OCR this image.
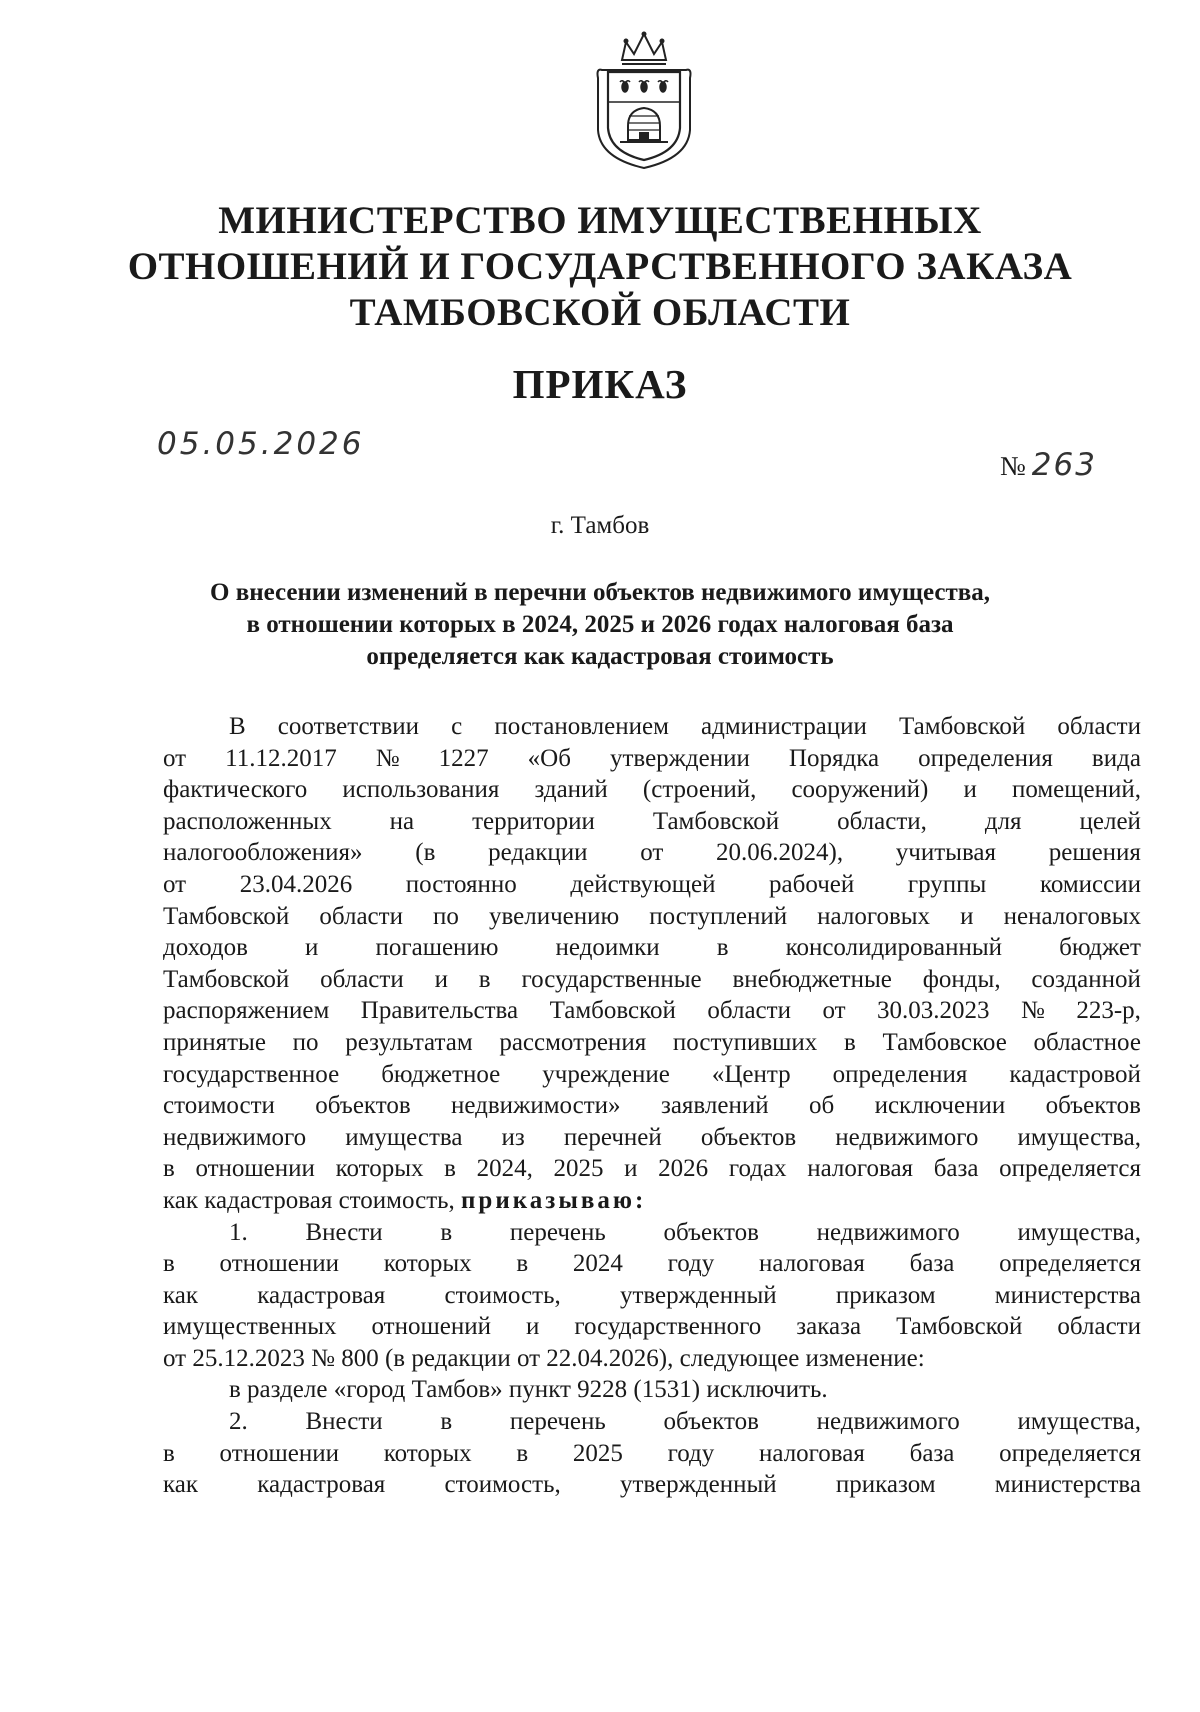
МИНИСТЕРСТВО ИМУЩЕСТВЕННЫХ
ОТНОШЕНИЙ И ГОСУДАРСТВЕННОГО ЗАКАЗА
ТАМБОВСКОЙ ОБЛАСТИ
ПРИКАЗ
05.05.2026
№ 263
г. Тамбов
О внесении изменений в перечни объектов недвижимого имущества,
в отношении которых в 2024, 2025 и 2026 годах налоговая база
определяется как кадастровая стоимость
В соответствии с постановлением администрации Тамбовской области
от 11.12.2017 № 1227 «Об утверждении Порядка определения вида
фактического использования зданий (строений, сооружений) и помещений,
расположенных на территории Тамбовской области, для целей
налогообложения» (в редакции от 20.06.2024), учитывая решения
от 23.04.2026 постоянно действующей рабочей группы комиссии
Тамбовской области по увеличению поступлений налоговых и неналоговых
доходов и погашению недоимки в консолидированный бюджет
Тамбовской области и в государственные внебюджетные фонды, созданной
распоряжением Правительства Тамбовской области от 30.03.2023 № 223-р,
принятые по результатам рассмотрения поступивших в Тамбовское областное
государственное бюджетное учреждение «Центр определения кадастровой
стоимости объектов недвижимости» заявлений об исключении объектов
недвижимого имущества из перечней объектов недвижимого имущества,
в отношении которых в 2024, 2025 и 2026 годах налоговая база определяется
как кадастровая стоимость,
приказываю:
1. Внести в перечень объектов недвижимого имущества,
в отношении которых в 2024 году налоговая база определяется
как кадастровая стоимость, утвержденный приказом министерства
имущественных отношений и государственного заказа Тамбовской области
от 25.12.2023 № 800 (в редакции от 22.04.2026), следующее изменение:
в разделе «город Тамбов» пункт 9228 (1531) исключить.
2. Внести в перечень объектов недвижимого имущества,
в отношении которых в 2025 году налоговая база определяется
как кадастровая стоимость, утвержденный приказом министерства
